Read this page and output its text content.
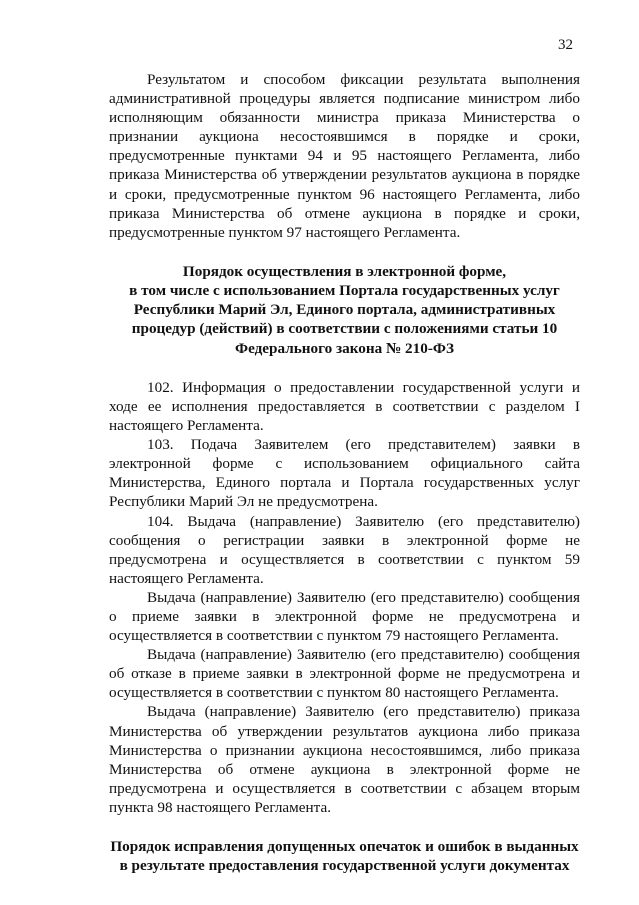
32

Результатом и способом фиксации результата выполнения административной процедуры является подписание министром либо исполняющим обязанности министра приказа Министерства о признании аукциона несостоявшимся в порядке и сроки, предусмотренные пунктами 94 и 95 настоящего Регламента, либо приказа Министерства об утверждении результатов аукциона в порядке и сроки, предусмотренные пунктом 96 настоящего Регламента, либо приказа Министерства об отмене аукциона в порядке и сроки, предусмотренные пунктом 97 настоящего Регламента.

Порядок осуществления в электронной форме,

в том числе с использованием Портала государственных услуг

Республики Марий Эл, Единого портала, административных

процедур (действий) в соответствии с положениями статьи 10

Федерального закона № 210-ФЗ

102. Информация о предоставлении государственной услуги и ходе ее исполнения предоставляется в соответствии с разделом I настоящего Регламента.

103. Подача Заявителем (его представителем) заявки в электронной форме с использованием официального сайта Министерства, Единого портала и Портала государственных услуг Республики Марий Эл не предусмотрена.

104. Выдача (направление) Заявителю (его представителю) сообщения о регистрации заявки в электронной форме не предусмотрена и осуществляется в соответствии с пунктом 59 настоящего Регламента.

Выдача (направление) Заявителю (его представителю) сообщения о приеме заявки в электронной форме не предусмотрена и осуществляется в соответствии с пунктом 79 настоящего Регламента.

Выдача (направление) Заявителю (его представителю) сообщения об отказе в приеме заявки в электронной форме не предусмотрена и осуществляется в соответствии с пунктом 80 настоящего Регламента.

Выдача (направление) Заявителю (его представителю) приказа Министерства об утверждении результатов аукциона либо приказа Министерства о признании аукциона несостоявшимся, либо приказа Министерства об отмене аукциона в электронной форме не предусмотрена и осуществляется в соответствии с абзацем вторым пункта 98 настоящего Регламента.

Порядок исправления допущенных опечаток и ошибок в выданных

в результате предоставления государственной услуги документах
